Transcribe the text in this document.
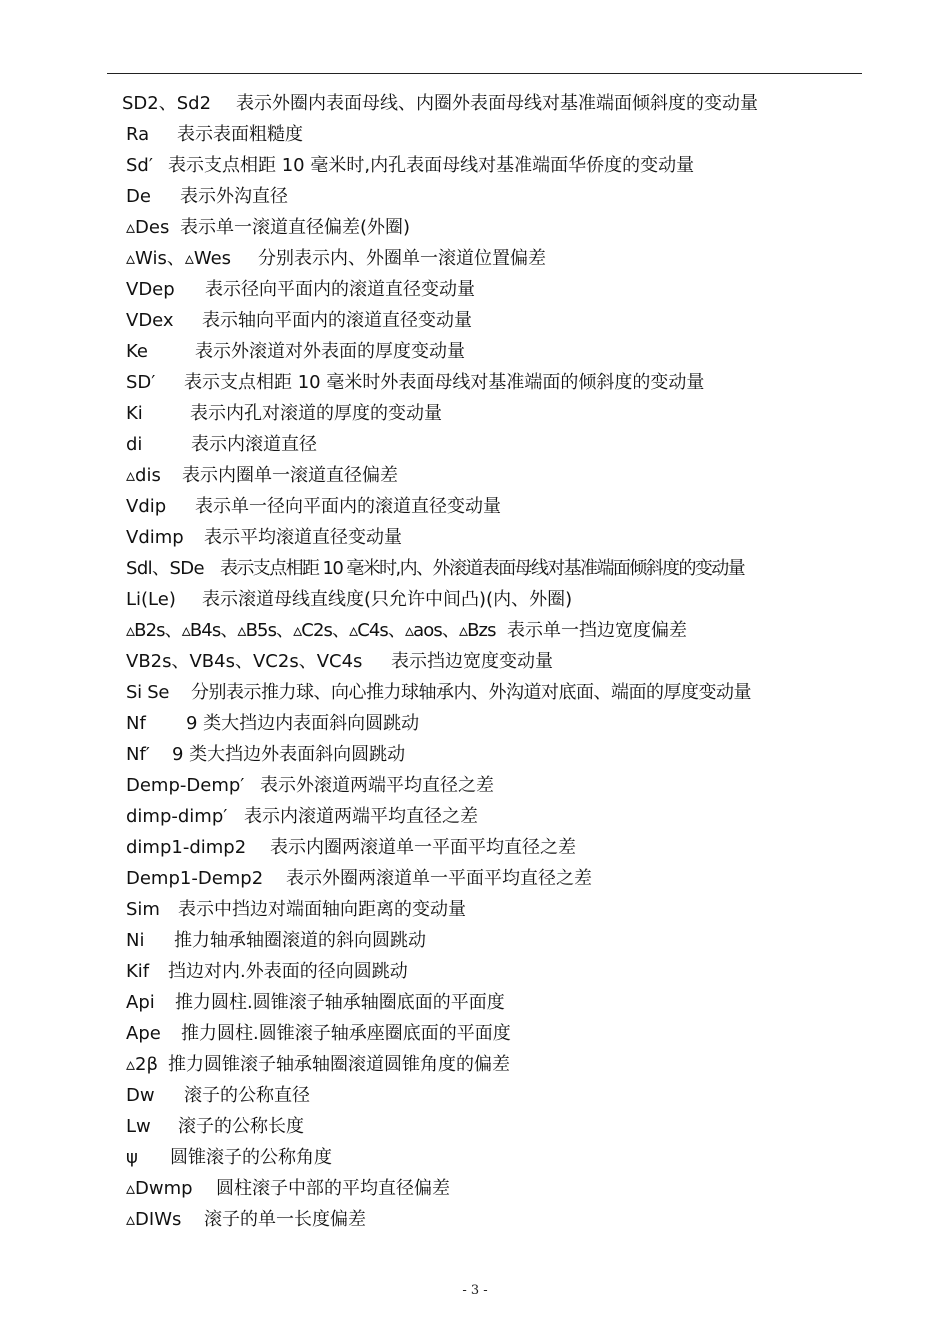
SD2、Sd2 表示外圈内表面母线、内圈外表面母线对基准端面倾斜度的变动量
Ra 表示表面粗糙度
Sd′ 表示支点相距 10 毫米时,内孔表面母线对基准端面华侨度的变动量
De 表示外沟直径
▵Des 表示单一滚道直径偏差(外圈)
▵Wis、▵Wes 分别表示内、外圈单一滚道位置偏差
VDep 表示径向平面内的滚道直径变动量
VDex 表示轴向平面内的滚道直径变动量
Ke	表示外滚道对外表面的厚度变动量
SD′ 表示支点相距 10 毫米时外表面母线对基准端面的倾斜度的变动量
Ki	表示内孔对滚道的厚度的变动量
di	表示内滚道直径
▵dis 表示内圈单一滚道直径偏差
Vdip 表示单一径向平面内的滚道直径变动量
Vdimp 表示平均滚道直径变动量
Sdl、SDe 表示支点相距 10 毫米时,内、外滚道表面母线对基准端面倾斜度的变动量
Li(Le) 表示滚道母线直线度(只允许中间凸)(内、外圈)
▵B2s、▵B4s、▵B5s、▵C2s、▵C4s、▵aos、▵Bzs 表示单一挡边宽度偏差
VB2s、VB4s、VC2s、VC4s 表示挡边宽度变动量
Si Se 分别表示推力球、向心推力球轴承内、外沟道对底面、端面的厚度变动量
Nf 9 类大挡边内表面斜向圆跳动
Nf′ 9 类大挡边外表面斜向圆跳动
Demp-Demp′ 表示外滚道两端平均直径之差
dimp-dimp′ 表示内滚道两端平均直径之差
dimp1-dimp2 表示内圈两滚道单一平面平均直径之差
Demp1-Demp2 表示外圈两滚道单一平面平均直径之差
Sim 表示中挡边对端面轴向距离的变动量
Ni 推力轴承轴圈滚道的斜向圆跳动
Kif 挡边对内.外表面的径向圆跳动
Api 推力圆柱.圆锥滚子轴承轴圈底面的平面度
Ape 推力圆柱.圆锥滚子轴承座圈底面的平面度
▵2β 推力圆锥滚子轴承轴圈滚道圆锥角度的偏差
Dw 滚子的公称直径
Lw 滚子的公称长度
ψ 圆锥滚子的公称角度
▵Dwmp 圆柱滚子中部的平均直径偏差
▵DIWs 滚子的单一长度偏差
- 3 -
